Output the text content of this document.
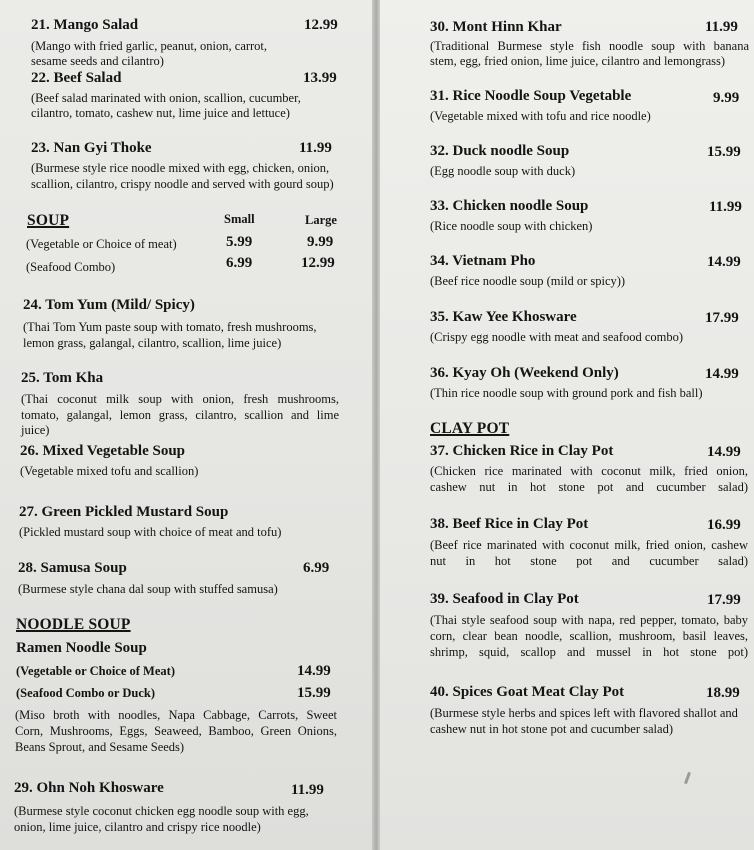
21. Mango Salad	12.99
(Mango with fried garlic, peanut, onion, carrot,
sesame seeds and cilantro)
22. Beef Salad	13.99
(Beef salad marinated with onion, scallion, cucumber,
cilantro, tomato, cashew nut, lime juice and lettuce)
23. Nan Gyi Thoke	11.99
(Burmese style rice noodle mixed with egg, chicken, onion,
scallion, cilantro, crispy noodle and served with gourd soup)
SOUP	Small	Large
(Vegetable or Choice of meat)	5.99	9.99
(Seafood Combo)	6.99	12.99
24. Tom Yum (Mild/ Spicy)
(Thai Tom Yum paste soup with tomato, fresh mushrooms,
lemon grass, galangal, cilantro, scallion, lime juice)
25. Tom Kha
(Thai coconut milk soup with onion, fresh mushrooms,
tomato, galangal, lemon grass, cilantro, scallion and lime
juice)
26. Mixed Vegetable Soup
(Vegetable mixed tofu and scallion)
27. Green Pickled Mustard Soup
(Pickled mustard soup with choice of meat and tofu)
28. Samusa Soup	6.99
(Burmese style chana dal soup with stuffed samusa)
NOODLE SOUP
Ramen Noodle Soup
(Vegetable or Choice of Meat)	14.99
(Seafood Combo or Duck)	15.99
(Miso broth with noodles, Napa Cabbage, Carrots, Sweet
Corn, Mushrooms, Eggs, Seaweed, Bamboo, Green Onions,
Beans Sprout, and Sesame Seeds)
29. Ohn Noh Khosware	11.99
(Burmese style coconut chicken egg noodle soup with egg,
onion, lime juice, cilantro and crispy rice noodle)
30. Mont Hinn Khar	11.99
(Traditional Burmese style fish noodle soup with banana
stem, egg, fried onion, lime juice, cilantro and lemongrass)
31. Rice Noodle Soup Vegetable	9.99
(Vegetable mixed with tofu and rice noodle)
32. Duck noodle Soup	15.99
(Egg noodle soup with duck)
33. Chicken noodle Soup	11.99
(Rice noodle soup with chicken)
34. Vietnam Pho	14.99
(Beef rice noodle soup (mild or spicy))
35. Kaw Yee Khosware	17.99
(Crispy egg noodle with meat and seafood combo)
36. Kyay Oh (Weekend Only)	14.99
(Thin rice noodle soup with ground pork and fish ball)
CLAY POT
37. Chicken Rice in Clay Pot	14.99
(Chicken rice marinated with coconut milk, fried onion,
cashew nut in hot stone pot and cucumber salad)
38. Beef Rice in Clay Pot	16.99
(Beef rice marinated with coconut milk, fried onion, cashew
nut in hot stone pot and cucumber salad)
39. Seafood in Clay Pot	17.99
(Thai style seafood soup with napa, red pepper, tomato, baby
corn, clear bean noodle, scallion, mushroom, basil leaves,
shrimp, squid, scallop and mussel in hot stone pot)
40. Spices Goat Meat Clay Pot	18.99
(Burmese style herbs and spices left with flavored shallot and
cashew nut in hot stone pot and cucumber salad)
